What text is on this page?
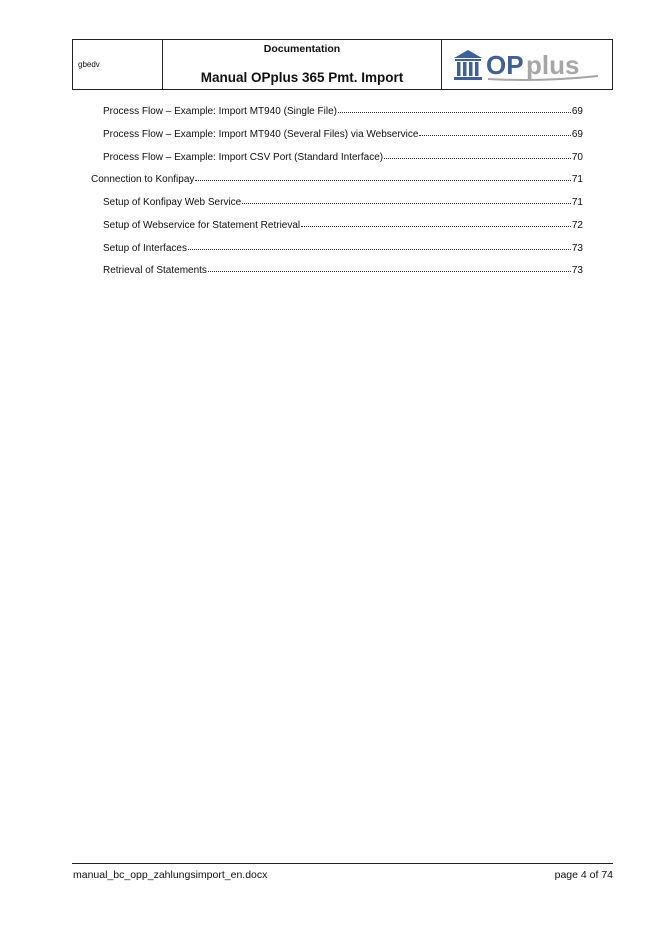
gbedv
Documentation
Manual OPplus 365 Pmt. Import	OP plus
Process Flow – Example: Import MT940 (Single File)	69
Process Flow – Example: Import MT940 (Several Files) via Webservice	69
Process Flow – Example: Import CSV Port (Standard Interface)	70
Connection to Konfipay	71
Setup of Konfipay Web Service	71
Setup of Webservice for Statement Retrieval	72
Setup of Interfaces	73
Retrieval of Statements	73
manual_bc_opp_zahlungsimport_en.docx	page 4 of 74
